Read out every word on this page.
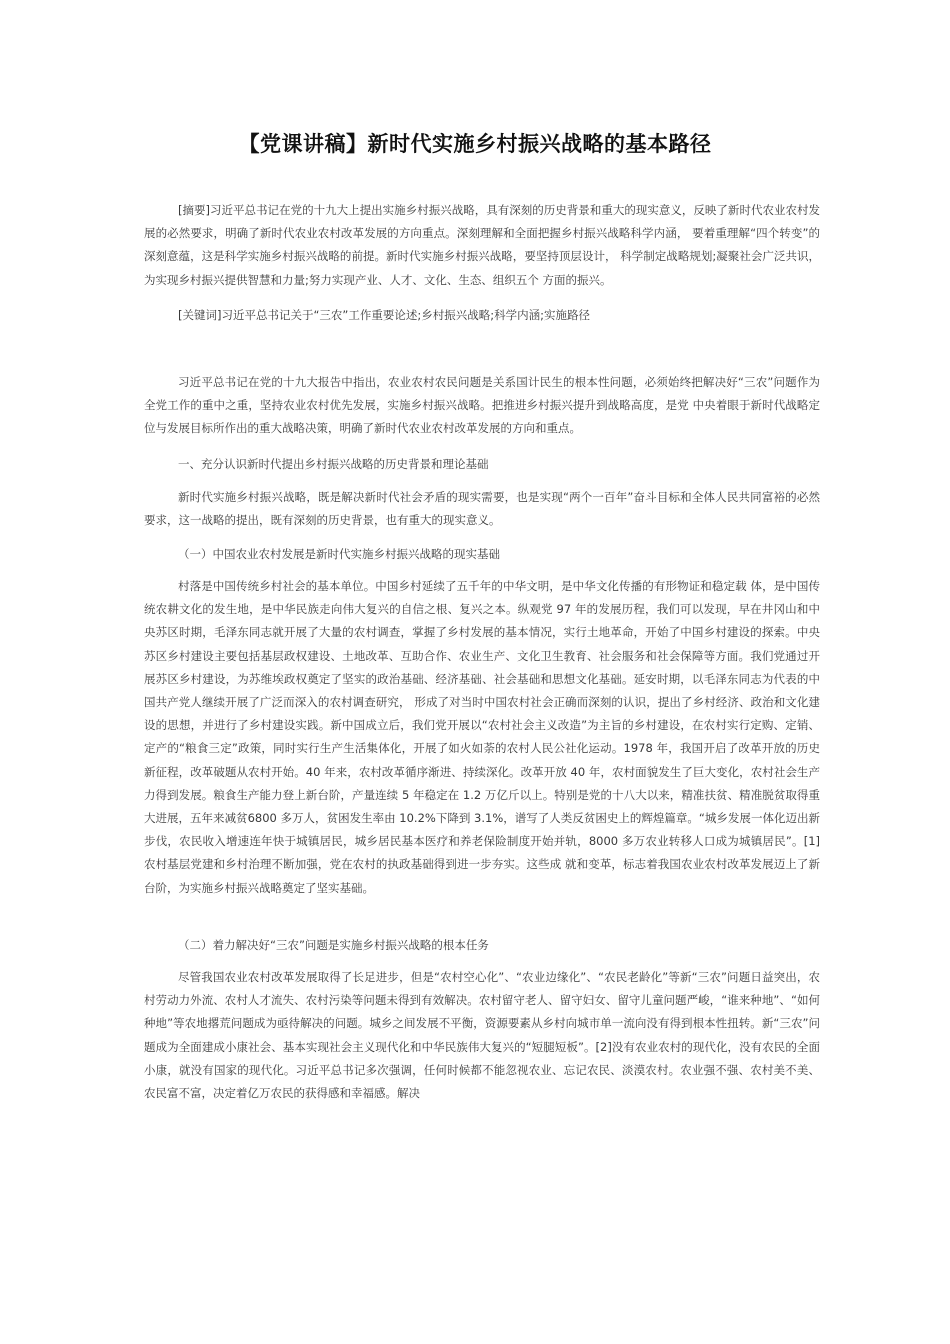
【党课讲稿】新时代实施乡村振兴战略的基本路径
[摘要]习近平总书记在党的十九大上提出实施乡村振兴战略，具有深刻的历史背景和重大的现实意义，反映了新时代农业农村发展的必然要求，明确了新时代农业农村改革发展的方向重点。深刻理解和全面把握乡村振兴战略科学内涵， 要着重理解“四个转变”的深刻意蕴，这是科学实施乡村振兴战略的前提。新时代实施乡村振兴战略，要坚持顶层设计， 科学制定战略规划;凝聚社会广泛共识，为实现乡村振兴提供智慧和力量;努力实现产业、人才、文化、生态、组织五个 方面的振兴。
[关键词]习近平总书记关于“三农”工作重要论述;乡村振兴战略;科学内涵;实施路径
习近平总书记在党的十九大报告中指出，农业农村农民问题是关系国计民生的根本性问题，必须始终把解决好“三农”问题作为全党工作的重中之重，坚持农业农村优先发展，实施乡村振兴战略。把推进乡村振兴提升到战略高度，是党 中央着眼于新时代战略定位与发展目标所作出的重大战略决策，明确了新时代农业农村改革发展的方向和重点。
一、充分认识新时代提出乡村振兴战略的历史背景和理论基础
新时代实施乡村振兴战略，既是解决新时代社会矛盾的现实需要，也是实现“两个一百年”奋斗目标和全体人民共同富裕的必然要求，这一战略的提出，既有深刻的历史背景，也有重大的现实意义。
（一）中国农业农村发展是新时代实施乡村振兴战略的现实基础
村落是中国传统乡村社会的基本单位。中国乡村延续了五千年的中华文明，是中华文化传播的有形物证和稳定载 体，是中国传统农耕文化的发生地，是中华民族走向伟大复兴的自信之根、复兴之本。纵观党 97 年的发展历程，我们可以发现，早在井冈山和中央苏区时期，毛泽东同志就开展了大量的农村调查，掌握了乡村发展的基本情况，实行土地革命，开始了中国乡村建设的探索。中央苏区乡村建设主要包括基层政权建设、土地改革、互助合作、农业生产、文化卫生教育、社会服务和社会保障等方面。我们党通过开展苏区乡村建设，为苏维埃政权奠定了坚实的政治基础、经济基础、社会基础和思想文化基础。延安时期，以毛泽东同志为代表的中国共产党人继续开展了广泛而深入的农村调查研究， 形成了对当时中国农村社会正确而深刻的认识，提出了乡村经济、政治和文化建设的思想，并进行了乡村建设实践。新中国成立后，我们党开展以“农村社会主义改造”为主旨的乡村建设，在农村实行定购、定销、定产的“粮食三定”政策，同时实行生产生活集体化，开展了如火如荼的农村人民公社化运动。1978 年，我国开启了改革开放的历史新征程，改革破题从农村开始。40 年来，农村改革循序渐进、持续深化。改革开放 40 年，农村面貌发生了巨大变化，农村社会生产力得到发展。粮食生产能力登上新台阶，产量连续 5 年稳定在 1.2 万亿斤以上。特别是党的十八大以来，精准扶贫、精准脱贫取得重大进展，五年来减贫6800 多万人，贫困发生率由 10.2%下降到 3.1%，谱写了人类反贫困史上的辉煌篇章。“城乡发展一体化迈出新步伐，农民收入增速连年快于城镇居民，城乡居民基本医疗和养老保险制度开始并轨，8000 多万农业转移人口成为城镇居民”。[1]农村基层党建和乡村治理不断加强，党在农村的执政基础得到进一步夯实。这些成 就和变革，标志着我国农业农村改革发展迈上了新台阶，为实施乡村振兴战略奠定了坚实基础。
（二）着力解决好“三农”问题是实施乡村振兴战略的根本任务
尽管我国农业农村改革发展取得了长足进步，但是“农村空心化”、“农业边缘化”、“农民老龄化”等新“三农”问题日益突出，农村劳动力外流、农村人才流失、农村污染等问题未得到有效解决。农村留守老人、留守妇女、留守儿童问题严峻，“谁来种地”、“如何种地”等农地撂荒问题成为亟待解决的问题。城乡之间发展不平衡，资源要素从乡村向城市单一流向没有得到根本性扭转。新“三农”问题成为全面建成小康社会、基本实现社会主义现代化和中华民族伟大复兴的“短腿短板”。[2]没有农业农村的现代化，没有农民的全面小康，就没有国家的现代化。习近平总书记多次强调，任何时候都不能忽视农业、忘记农民、淡漠农村。农业强不强、农村美不美、农民富不富，决定着亿万农民的获得感和幸福感。解决
